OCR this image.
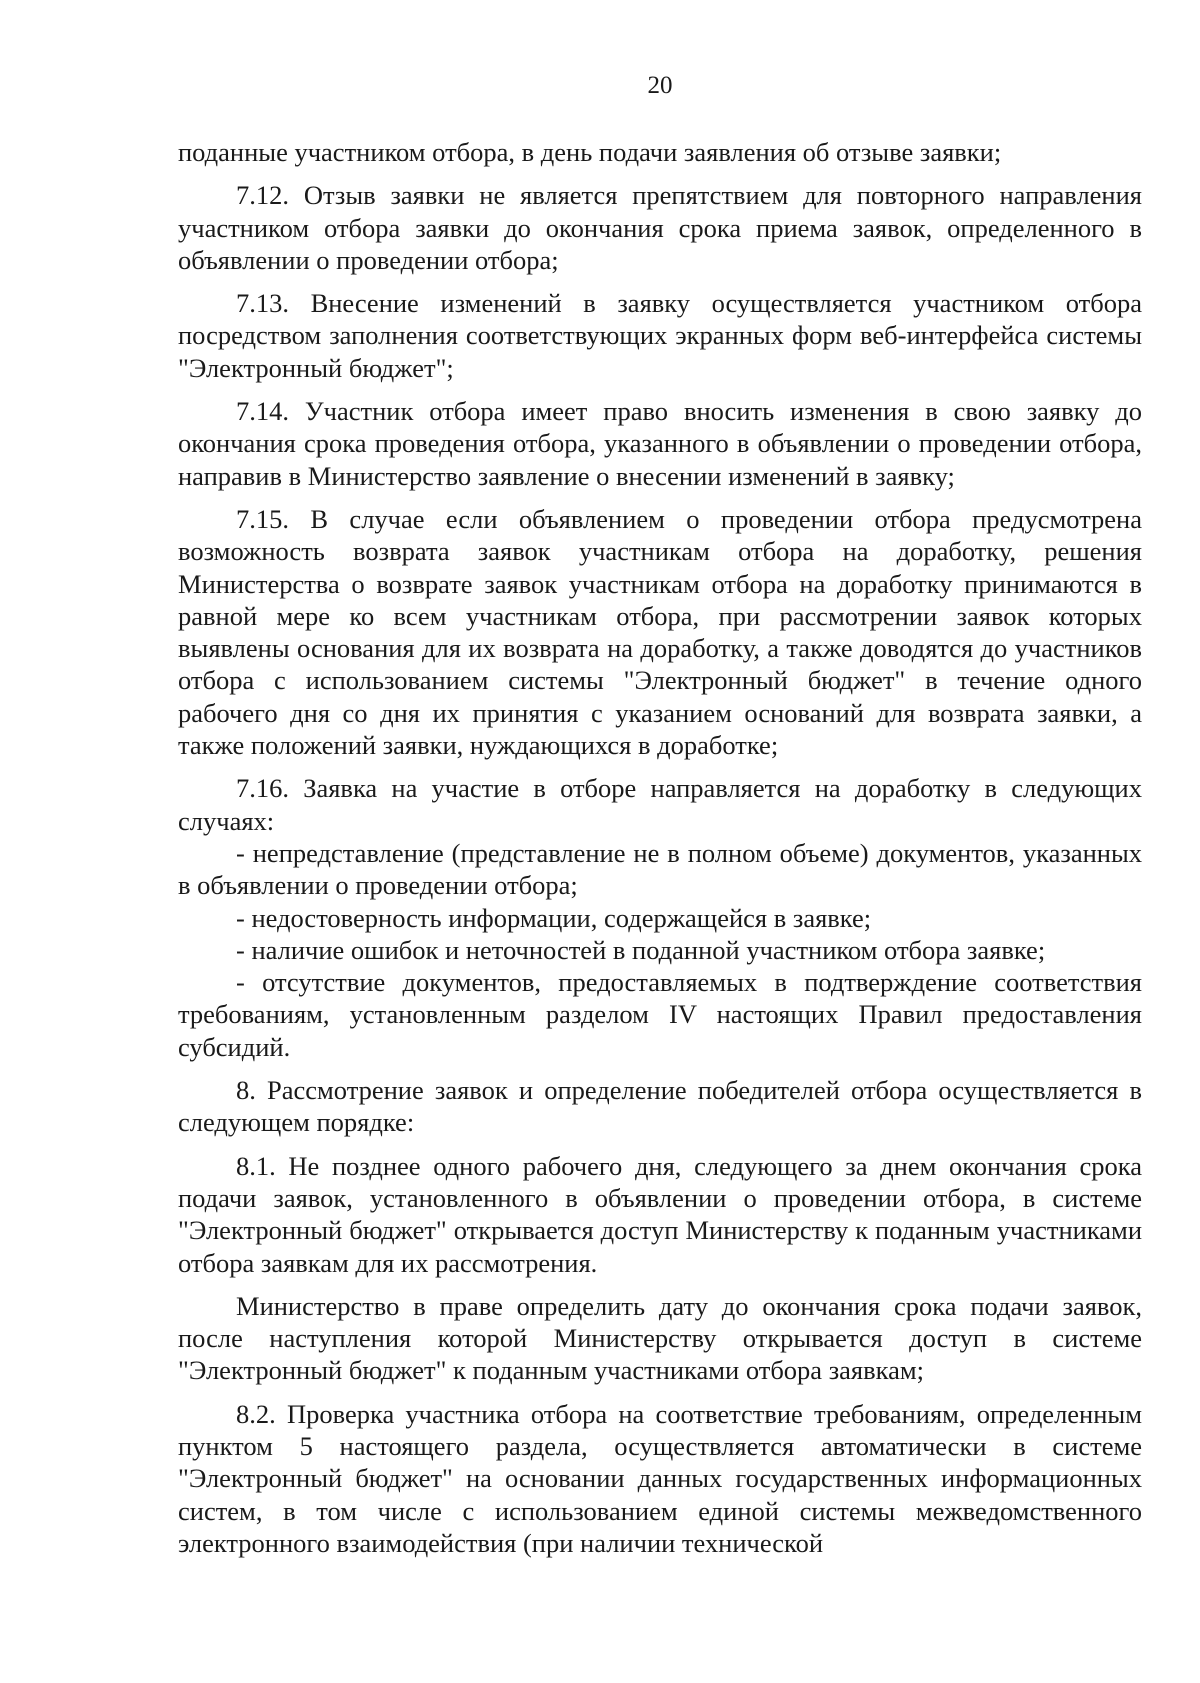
20

поданные участником отбора, в день подачи заявления об отзыве заявки;

7.12. Отзыв заявки не является препятствием для повторного направления участником отбора заявки до окончания срока приема заявок, определенного в объявлении о проведении отбора;

7.13. Внесение изменений в заявку осуществляется участником отбора посредством заполнения соответствующих экранных форм веб-интерфейса системы "Электронный бюджет";

7.14. Участник отбора имеет право вносить изменения в свою заявку до окончания срока проведения отбора, указанного в объявлении о проведении отбора, направив в Министерство заявление о внесении изменений в заявку;

7.15. В случае если объявлением о проведении отбора предусмотрена возможность возврата заявок участникам отбора на доработку, решения Министерства о возврате заявок участникам отбора на доработку принимаются в равной мере ко всем участникам отбора, при рассмотрении заявок которых выявлены основания для их возврата на доработку, а также доводятся до участников отбора с использованием системы "Электронный бюджет" в течение одного рабочего дня со дня их принятия с указанием оснований для возврата заявки, а также положений заявки, нуждающихся в доработке;

7.16. Заявка на участие в отборе направляется на доработку в следующих случаях:

- непредставление (представление не в полном объеме) документов, указанных в объявлении о проведении отбора;

- недостоверность информации, содержащейся в заявке;

- наличие ошибок и неточностей в поданной участником отбора заявке;

- отсутствие документов, предоставляемых в подтверждение соответствия требованиям, установленным разделом IV настоящих Правил предоставления субсидий.

8. Рассмотрение заявок и определение победителей отбора осуществляется в следующем порядке:

8.1. Не позднее одного рабочего дня, следующего за днем окончания срока подачи заявок, установленного в объявлении о проведении отбора, в системе "Электронный бюджет" открывается доступ Министерству к поданным участниками отбора заявкам для их рассмотрения.

Министерство в праве определить дату до окончания срока подачи заявок, после наступления которой Министерству открывается доступ в системе "Электронный бюджет" к поданным участниками отбора заявкам;

8.2. Проверка участника отбора на соответствие требованиям, определенным пунктом 5 настоящего раздела, осуществляется автоматически в системе "Электронный бюджет" на основании данных государственных информационных систем, в том числе с использованием единой системы межведомственного электронного взаимодействия (при наличии технической
